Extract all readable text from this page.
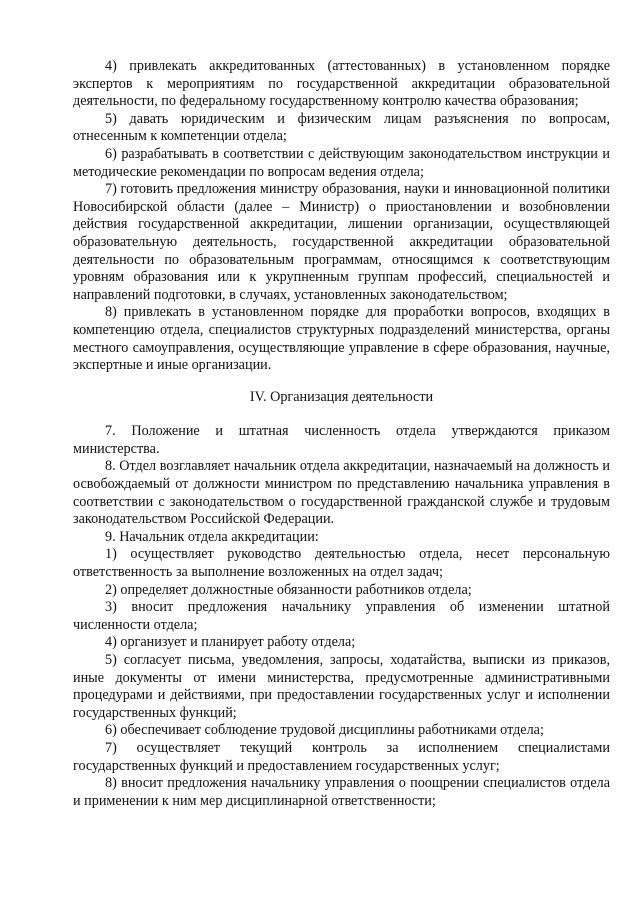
4) привлекать аккредитованных (аттестованных) в установленном порядке экспертов к мероприятиям по государственной аккредитации образовательной деятельности, по федеральному государственному контролю качества образования;

5) давать юридическим и физическим лицам разъяснения по вопросам, отнесенным к компетенции отдела;

6) разрабатывать в соответствии с действующим законодательством инструкции и методические рекомендации по вопросам ведения отдела;

7) готовить предложения министру образования, науки и инновационной политики Новосибирской области (далее – Министр) о приостановлении и возобновлении действия государственной аккредитации, лишении организации, осуществляющей образовательную деятельность, государственной аккредитации образовательной деятельности по образовательным программам, относящимся к соответствующим уровням образования или к укрупненным группам профессий, специальностей и направлений подготовки, в случаях, установленных законодательством;

8) привлекать в установленном порядке для проработки вопросов, входящих в компетенцию отдела, специалистов структурных подразделений министерства, органы местного самоуправления, осуществляющие управление в сфере образования, научные, экспертные и иные организации.

IV. Организация деятельности

7. Положение и штатная численность отдела утверждаются приказом министерства.

8. Отдел возглавляет начальник отдела аккредитации, назначаемый на должность и освобождаемый от должности министром по представлению начальника управления в соответствии с законодательством о государственной гражданской службе и трудовым законодательством Российской Федерации.

9. Начальник отдела аккредитации:

1) осуществляет руководство деятельностью отдела, несет персональную ответственность за выполнение возложенных на отдел задач;

2) определяет должностные обязанности работников отдела;

3) вносит предложения начальнику управления об изменении штатной численности отдела;

4) организует и планирует работу отдела;

5) согласует письма, уведомления, запросы, ходатайства, выписки из приказов, иные документы от имени министерства, предусмотренные административными процедурами и действиями, при предоставлении государственных услуг и исполнении государственных функций;

6) обеспечивает соблюдение трудовой дисциплины работниками отдела;

7) осуществляет текущий контроль за исполнением специалистами государственных функций и предоставлением государственных услуг;

8) вносит предложения начальнику управления о поощрении специалистов отдела и применении к ним мер дисциплинарной ответственности;
